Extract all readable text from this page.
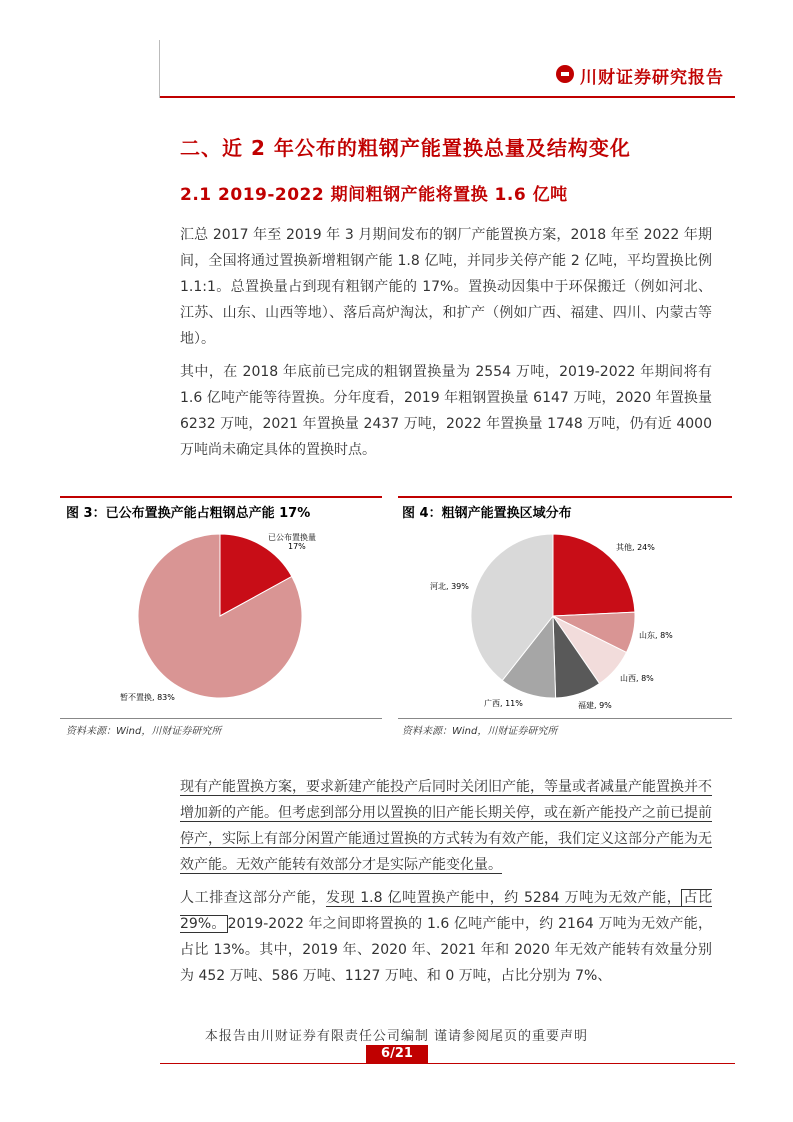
川财证券研究报告
二、近 2 年公布的粗钢产能置换总量及结构变化
2.1 2019-2022 期间粗钢产能将置换 1.6 亿吨

汇总 2017 年至 2019 年 3 月期间发布的钢厂产能置换方案，2018 年至 2022 年期间，全国将通过置换新增粗钢产能 1.8 亿吨，并同步关停产能 2 亿吨，平均置换比例 1.1:1。总置换量占到现有粗钢产能的 17%。置换动因集中于环保搬迁（例如河北、江苏、山东、山西等地）、落后高炉淘汰，和扩产（例如广西、福建、四川、内蒙古等地）。

其中，在 2018 年底前已完成的粗钢置换量为 2554 万吨，2019-2022 年期间将有 1.6 亿吨产能等待置换。分年度看，2019 年粗钢置换量 6147 万吨，2020 年置换量 6232 万吨，2021 年置换量 2437 万吨，2022 年置换量 1748 万吨，仍有近 4000 万吨尚未确定具体的置换时点。

图 3：已公布置换产能占粗钢总产能 17%
已公布置换量
17%
暂不置换, 83%
资料来源：Wind，川财证券研究所
图 4：粗钢产能置换区域分布
其他, 24%
山东, 8%
山西, 8%
福建, 9%
广西, 11%
河北, 39%
资料来源：Wind，川财证券研究所

现有产能置换方案，要求新建产能投产后同时关闭旧产能，等量或者减量产能置换并不增加新的产能。但考虑到部分用以置换的旧产能长期关停，或在新产能投产之前已提前停产，实际上有部分闲置产能通过置换的方式转为有效产能，我们定义这部分产能为无效产能。无效产能转有效部分才是实际产能变化量。

人工排查这部分产能，发现 1.8 亿吨置换产能中，约 5284 万吨为无效产能， 占比 29%。 2019-2022 年之间即将置换的 1.6 亿吨产能中，约 2164 万吨为无效产能，占比 13%。其中，2019 年、2020 年、2021 年和 2020 年无效产能转有效量分别为 452 万吨、586 万吨、1127 万吨、和 0 万吨，占比分别为 7%、

本报告由川财证券有限责任公司编制 谨请参阅尾页的重要声明
6/21
